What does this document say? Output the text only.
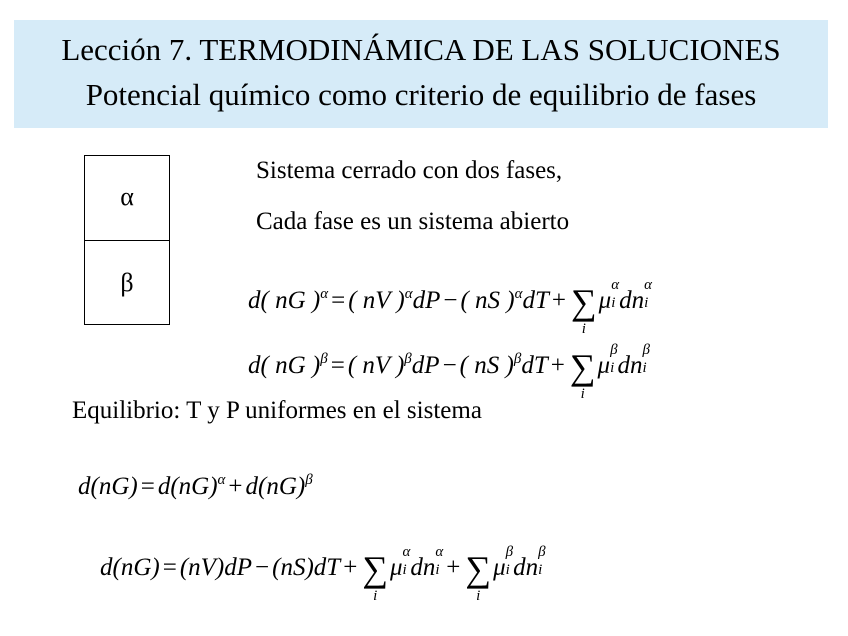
Lección 7. TERMODINÁMICA DE LAS SOLUCIONES
Potencial químico como criterio de equilibrio de fases
α
β
Sistema cerrado con dos fases,
Cada fase es un sistema abierto
d( nG )$^\alpha$ = ( nV )$^\alpha$dP − ( nS )$^\alpha$dT + ∑
i
μ
α
i dn
α
i
d( nG )$^\beta$ = ( nV )$^\beta$dP − ( nS )$^\beta$dT + ∑
i
μ
β
i dn
β
i
Equilibrio: T y P uniformes en el sistema
d(nG) = d(nG)$^\alpha$ + d(nG)$^\beta$
d(nG) = (nV)dP − (nS)dT + ∑
i
μ
α
i dn
α
i + ∑
i
μ
β
i dn
β
i
